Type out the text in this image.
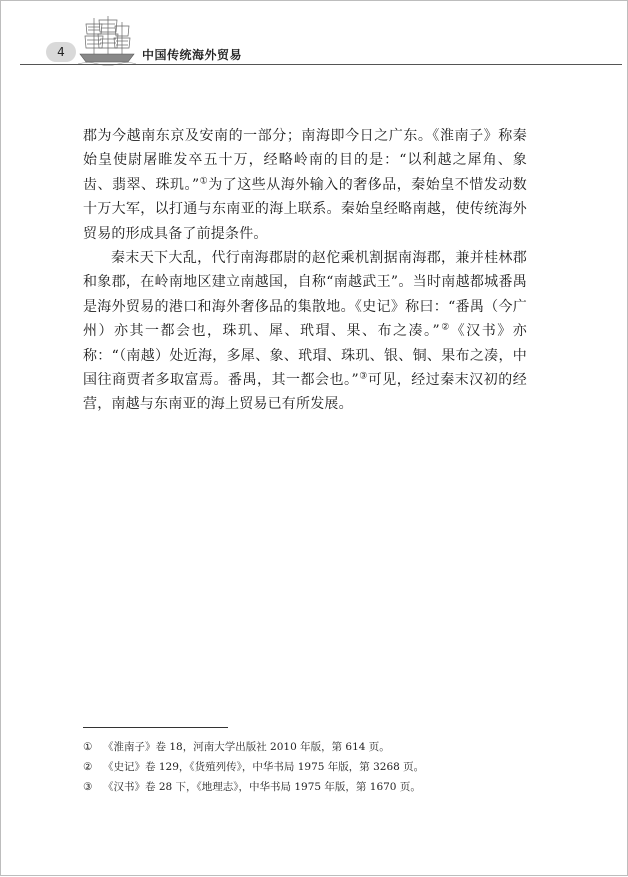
4	中国传统海外贸易

郡为今越南东京及安南的一部分；南海即今日之广东。《淮南子》称秦始皇使尉屠睢发卒五十万，经略岭南的目的是：“以利越之犀角、象齿、翡翠、珠玑。”①为了这些从海外输入的奢侈品，秦始皇不惜发动数十万大军，以打通与东南亚的海上联系。秦始皇经略南越，使传统海外贸易的形成具备了前提条件。

秦末天下大乱，代行南海郡尉的赵佗乘机割据南海郡，兼并桂林郡和象郡，在岭南地区建立南越国，自称“南越武王”。当时南越都城番禺是海外贸易的港口和海外奢侈品的集散地。《史记》称曰：“番禺（今广州）亦其一都会也，珠玑、犀、玳瑁、果、布之凑。”②《汉书》亦称：“（南越）处近海，多犀、象、玳瑁、珠玑、银、铜、果布之凑，中国往商贾者多取富焉。番禺，其一都会也。”③可见，经过秦末汉初的经营，南越与东南亚的海上贸易已有所发展。

①	《淮南子》卷 18，河南大学出版社 2010 年版，第 614 页。
②	《史记》卷 129，《货殖列传》，中华书局 1975 年版，第 3268 页。
③	《汉书》卷 28 下，《地理志》，中华书局 1975 年版，第 1670 页。
